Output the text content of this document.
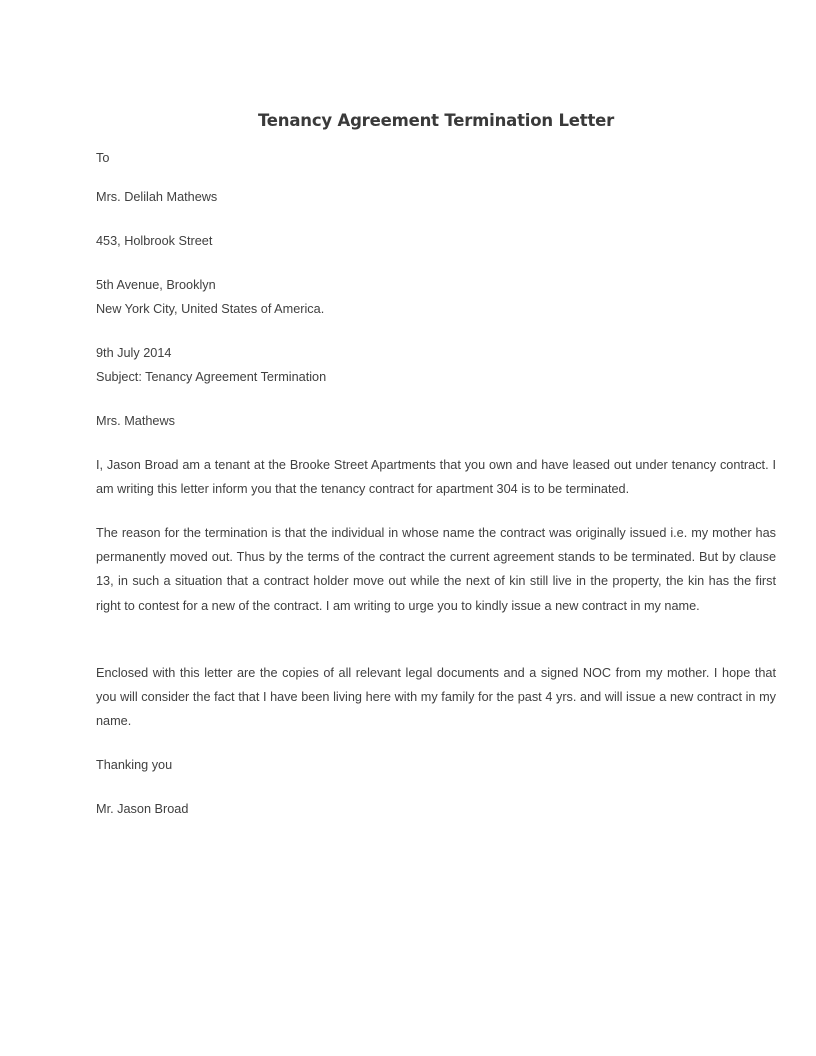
Tenancy Agreement Termination Letter
To
Mrs. Delilah Mathews
453, Holbrook Street
5th Avenue, Brooklyn
New York City, United States of America.
9th July 2014
Subject: Tenancy Agreement Termination
Mrs. Mathews
I, Jason Broad am a tenant at the Brooke Street Apartments that you own and have leased out under tenancy contract. I am writing this letter inform you that the tenancy contract for apartment 304 is to be terminated.
The reason for the termination is that the individual in whose name the contract was originally issued i.e. my mother has permanently moved out. Thus by the terms of the contract the current agreement stands to be terminated. But by clause 13, in such a situation that a contract holder move out while the next of kin still live in the property, the kin has the first right to contest for a new of the contract. I am writing to urge you to kindly issue a new contract in my name.
Enclosed with this letter are the copies of all relevant legal documents and a signed NOC from my mother. I hope that you will consider the fact that I have been living here with my family for the past 4 yrs. and will issue a new contract in my name.
Thanking you
Mr. Jason Broad
